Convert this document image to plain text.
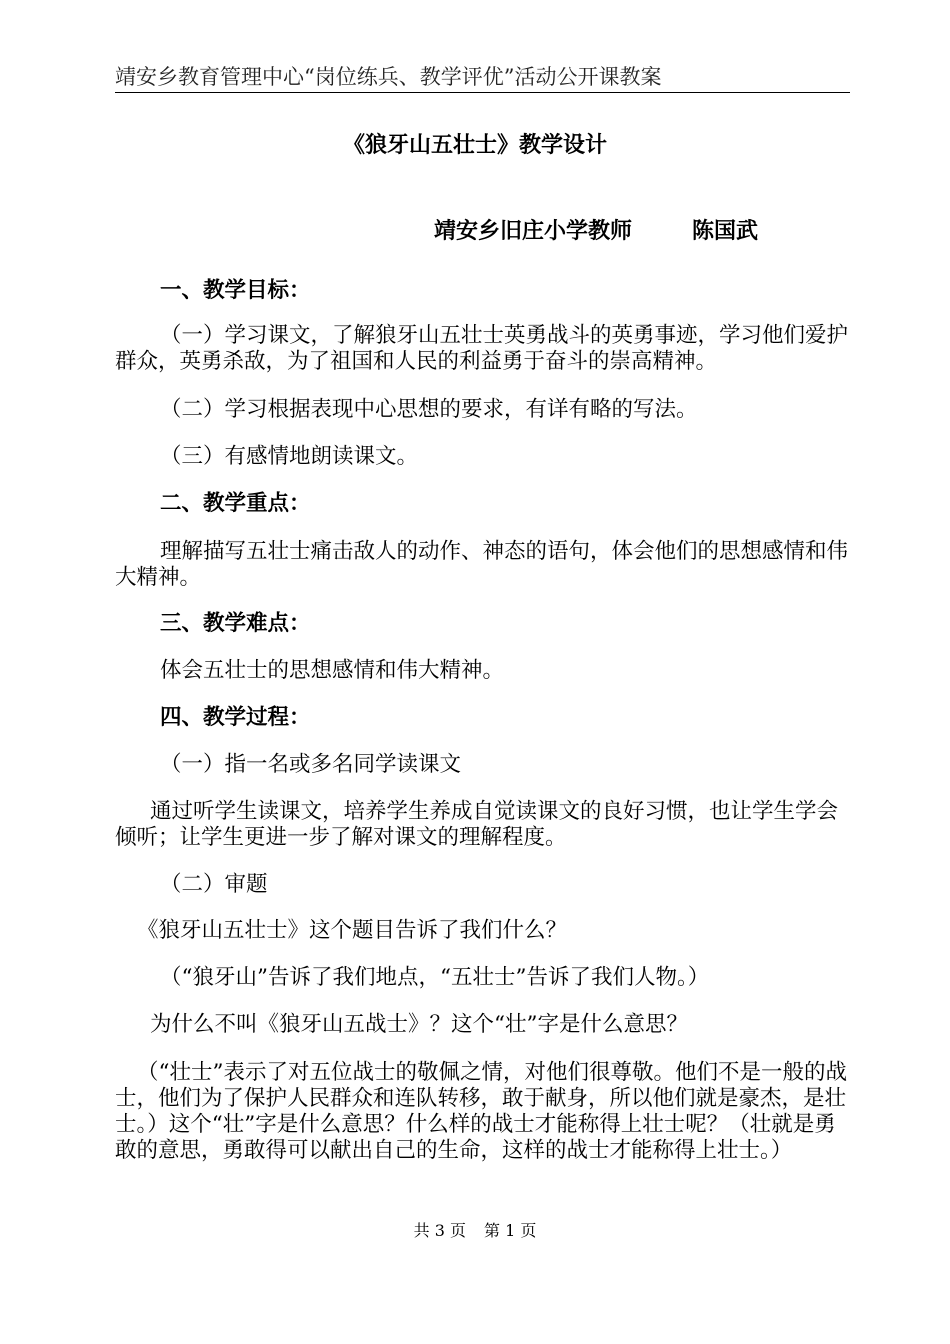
靖安乡教育管理中心“岗位练兵、教学评优”活动公开课教案
《狼牙山五壮士》教学设计
靖安乡旧庄小学教师	陈国武
一、教学目标：
（一）学习课文，了解狼牙山五壮士英勇战斗的英勇事迹，学习他们爱护群众，英勇杀敌，为了祖国和人民的利益勇于奋斗的崇高精神。
（二）学习根据表现中心思想的要求，有详有略的写法。
（三）有感情地朗读课文。
二、教学重点：
理解描写五壮士痛击敌人的动作、神态的语句，体会他们的思想感情和伟大精神。
三、教学难点：
体会五壮士的思想感情和伟大精神。
四、教学过程：
（一）指一名或多名同学读课文
通过听学生读课文，培养学生养成自觉读课文的良好习惯，也让学生学会倾听；让学生更进一步了解对课文的理解程度。
（二）审题
《狼牙山五壮士》这个题目告诉了我们什么？
（“狼牙山”告诉了我们地点，“五壮士”告诉了我们人物。）
为什么不叫《狼牙山五战士》？这个“壮”字是什么意思？
（“壮士”表示了对五位战士的敬佩之情，对他们很尊敬。他们不是一般的战士，他们为了保护人民群众和连队转移，敢于献身，所以他们就是豪杰，是壮士。）这个“壮”字是什么意思？什么样的战士才能称得上壮士呢？（壮就是勇敢的意思，勇敢得可以献出自己的生命，这样的战士才能称得上壮士。）
共 3 页 第 1 页
